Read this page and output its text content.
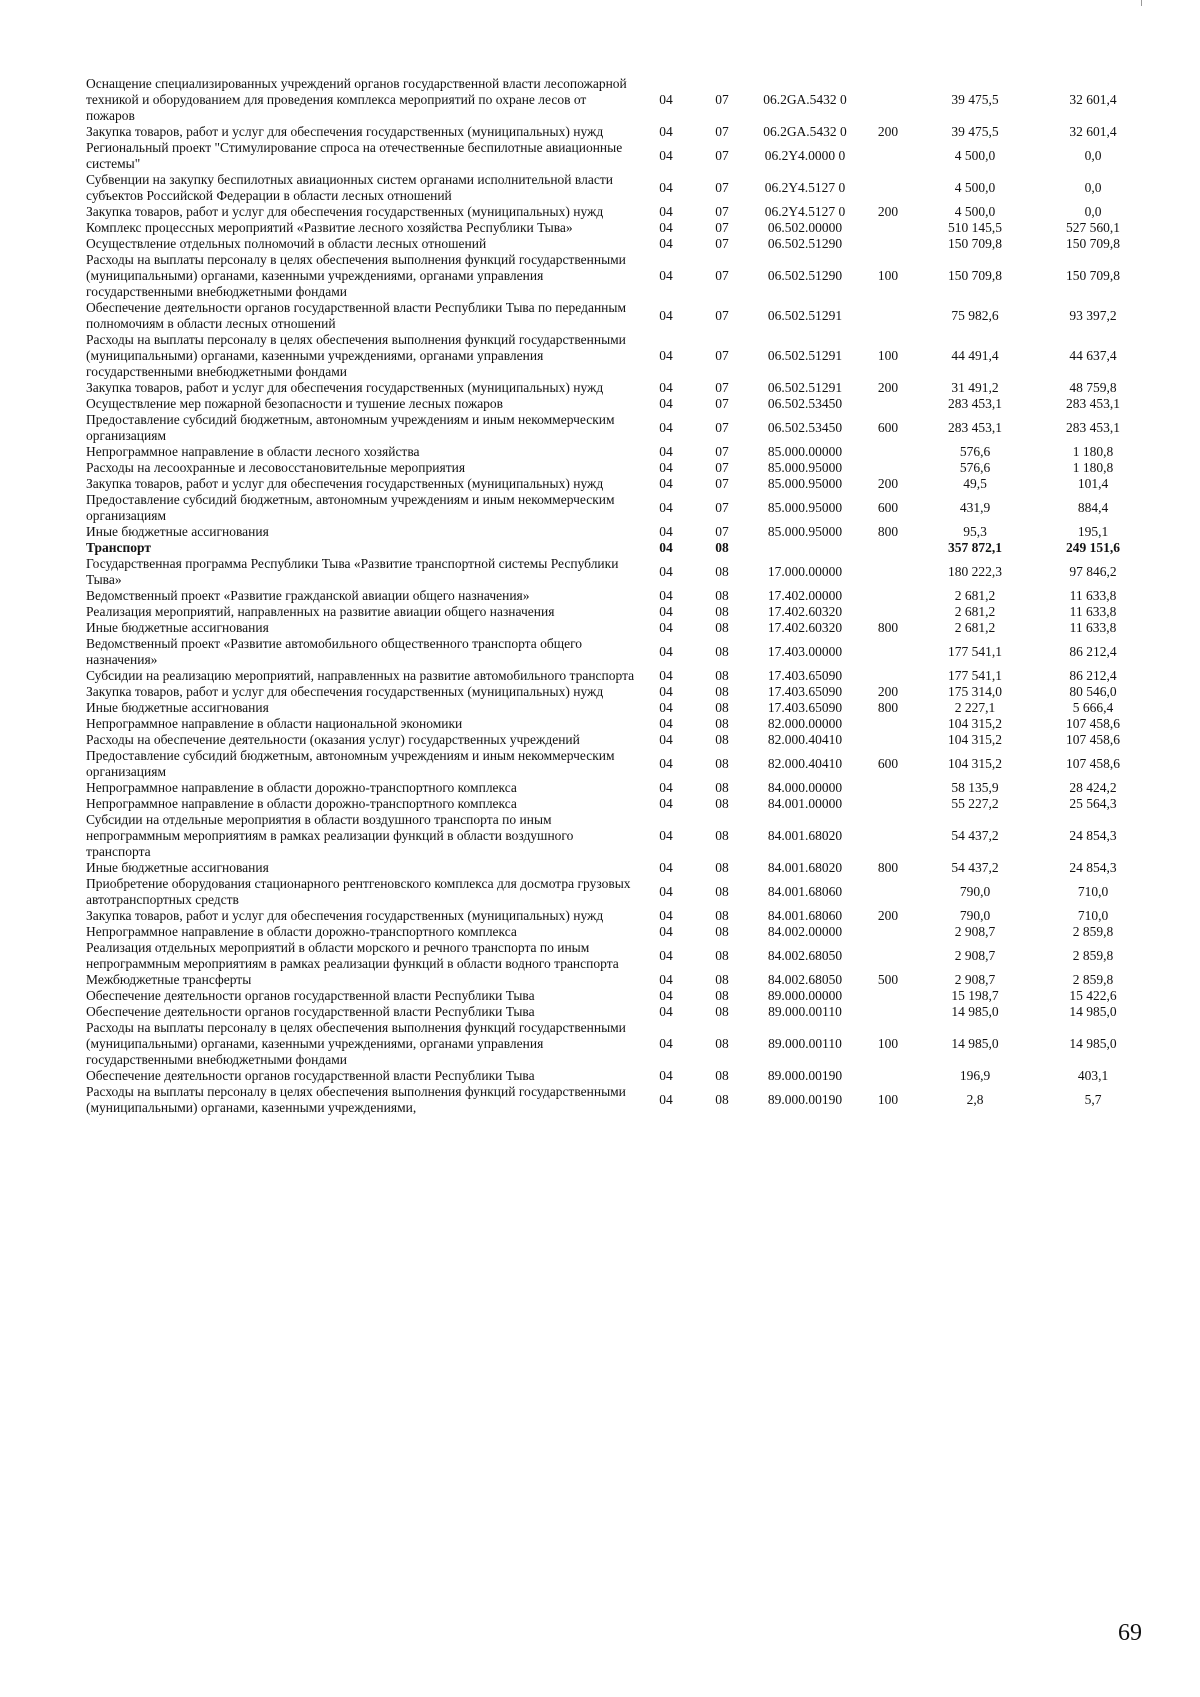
Оснащение специализированных учреждений органов государственной власти лесопожарной техникой и оборудованием для проведения комплекса мероприятий по охране лесов от пожаров	04	07	06.2GA.5432 0		39 475,5	32 601,4
Закупка товаров, работ и услуг для обеспечения государственных (муниципальных) нужд	04	07	06.2GA.5432 0	200	39 475,5	32 601,4
Региональный проект "Стимулирование спроса на отечественные беспилотные авиационные системы"	04	07	06.2Y4.0000 0		4 500,0	0,0
Субвенции на закупку беспилотных авиационных систем органами исполнительной власти субъектов Российской Федерации в области лесных отношений	04	07	06.2Y4.5127 0		4 500,0	0,0
Закупка товаров, работ и услуг для обеспечения государственных (муниципальных) нужд	04	07	06.2Y4.5127 0	200	4 500,0	0,0
Комплекс процессных мероприятий «Развитие лесного хозяйства Республики Тыва»	04	07	06.502.00000		510 145,5	527 560,1
Осуществление отдельных полномочий в области лесных отношений	04	07	06.502.51290		150 709,8	150 709,8
Расходы на выплаты персоналу в целях обеспечения выполнения функций государственными (муниципальными) органами, казенными учреждениями, органами управления государственными внебюджетными фондами	04	07	06.502.51290	100	150 709,8	150 709,8
Обеспечение деятельности органов государственной власти Республики Тыва по переданным полномочиям в области лесных отношений	04	07	06.502.51291		75 982,6	93 397,2
Расходы на выплаты персоналу в целях обеспечения выполнения функций государственными (муниципальными) органами, казенными учреждениями, органами управления государственными внебюджетными фондами	04	07	06.502.51291	100	44 491,4	44 637,4
Закупка товаров, работ и услуг для обеспечения государственных (муниципальных) нужд	04	07	06.502.51291	200	31 491,2	48 759,8
Осуществление мер пожарной безопасности и тушение лесных пожаров	04	07	06.502.53450		283 453,1	283 453,1
Предоставление субсидий бюджетным, автономным учреждениям и иным некоммерческим организациям	04	07	06.502.53450	600	283 453,1	283 453,1
Непрограммное направление в области лесного хозяйства	04	07	85.000.00000		576,6	1 180,8
Расходы на лесоохранные и лесовосстановительные мероприятия	04	07	85.000.95000		576,6	1 180,8
Закупка товаров, работ и услуг для обеспечения государственных (муниципальных) нужд	04	07	85.000.95000	200	49,5	101,4
Предоставление субсидий бюджетным, автономным учреждениям и иным некоммерческим организациям	04	07	85.000.95000	600	431,9	884,4
Иные бюджетные ассигнования	04	07	85.000.95000	800	95,3	195,1
Транспорт	04	08			357 872,1	249 151,6
Государственная программа Республики Тыва «Развитие транспортной системы Республики Тыва»	04	08	17.000.00000		180 222,3	97 846,2
Ведомственный проект «Развитие гражданской авиации общего назначения»	04	08	17.402.00000		2 681,2	11 633,8
Реализация мероприятий, направленных на развитие авиации общего назначения	04	08	17.402.60320		2 681,2	11 633,8
Иные бюджетные ассигнования	04	08	17.402.60320	800	2 681,2	11 633,8
Ведомственный проект «Развитие автомобильного общественного транспорта общего назначения»	04	08	17.403.00000		177 541,1	86 212,4
Субсидии на реализацию мероприятий, направленных на развитие автомобильного транспорта	04	08	17.403.65090		177 541,1	86 212,4
Закупка товаров, работ и услуг для обеспечения государственных (муниципальных) нужд	04	08	17.403.65090	200	175 314,0	80 546,0
Иные бюджетные ассигнования	04	08	17.403.65090	800	2 227,1	5 666,4
Непрограммное направление в области национальной экономики	04	08	82.000.00000		104 315,2	107 458,6
Расходы на обеспечение деятельности (оказания услуг) государственных учреждений	04	08	82.000.40410		104 315,2	107 458,6
Предоставление субсидий бюджетным, автономным учреждениям и иным некоммерческим организациям	04	08	82.000.40410	600	104 315,2	107 458,6
Непрограммное направление в области дорожно-транспортного комплекса	04	08	84.000.00000		58 135,9	28 424,2
Непрограммное направление в области дорожно-транспортного комплекса	04	08	84.001.00000		55 227,2	25 564,3
Субсидии на отдельные мероприятия в области воздушного транспорта по иным непрограммным мероприятиям в рамках реализации функций в области воздушного транспорта	04	08	84.001.68020		54 437,2	24 854,3
Иные бюджетные ассигнования	04	08	84.001.68020	800	54 437,2	24 854,3
Приобретение оборудования стационарного рентгеновского комплекса для досмотра грузовых автотранспортных средств	04	08	84.001.68060		790,0	710,0
Закупка товаров, работ и услуг для обеспечения государственных (муниципальных) нужд	04	08	84.001.68060	200	790,0	710,0
Непрограммное направление в области дорожно-транспортного комплекса	04	08	84.002.00000		2 908,7	2 859,8
Реализация отдельных мероприятий в области морского и речного транспорта по иным непрограммным мероприятиям в рамках реализации функций в области водного транспорта	04	08	84.002.68050		2 908,7	2 859,8
Межбюджетные трансферты	04	08	84.002.68050	500	2 908,7	2 859,8
Обеспечение деятельности органов государственной власти Республики Тыва	04	08	89.000.00000		15 198,7	15 422,6
Обеспечение деятельности органов государственной власти Республики Тыва	04	08	89.000.00110		14 985,0	14 985,0
Расходы на выплаты персоналу в целях обеспечения выполнения функций государственными (муниципальными) органами, казенными учреждениями, органами управления государственными внебюджетными фондами	04	08	89.000.00110	100	14 985,0	14 985,0
Обеспечение деятельности органов государственной власти Республики Тыва	04	08	89.000.00190		196,9	403,1
Расходы на выплаты персоналу в целях обеспечения выполнения функций государственными (муниципальными) органами, казенными учреждениями,	04	08	89.000.00190	100	2,8	5,7
69
